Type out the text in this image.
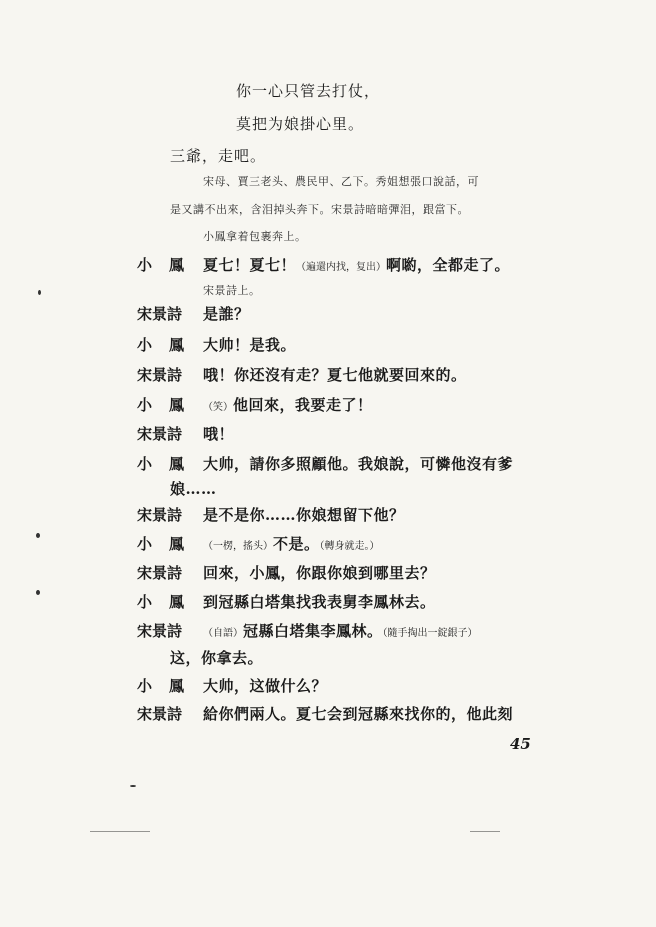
你一心只管去打仗，
莫把为娘掛心里。
三爺，走吧。
宋母、賈三老头、農民甲、乙下。秀姐想張口說話，可
是又講不出來，含泪掉头奔下。宋景詩暗暗彈泪，跟當下。
小鳳拿着包裹奔上。
小　鳳 夏七！夏七！（遍還内找，复出）啊喲，全都走了。
宋景詩上。
宋景詩 是誰？
小　鳳 大帅！是我。
宋景詩 哦！你还沒有走？夏七他就要回來的。
小　鳳 （笑）他回來，我要走了！
宋景詩 哦！
小　鳳 大帅，請你多照顧他。我娘說，可憐他沒有爹
娘……
宋景詩 是不是你……你娘想留下他？
小　鳳 （一楞，搖头）不是。（轉身就走。）
宋景詩 回來，小鳳，你跟你娘到哪里去？
小　鳳 到冠縣白塔集找我表舅李鳳林去。
宋景詩 （自語）冠縣白塔集李鳳林。（隨手掏出一錠銀子）
这，你拿去。
小　鳳 大帅，这做什么？
宋景詩 給你們兩人。夏七会到冠縣來找你的，他此刻
45
